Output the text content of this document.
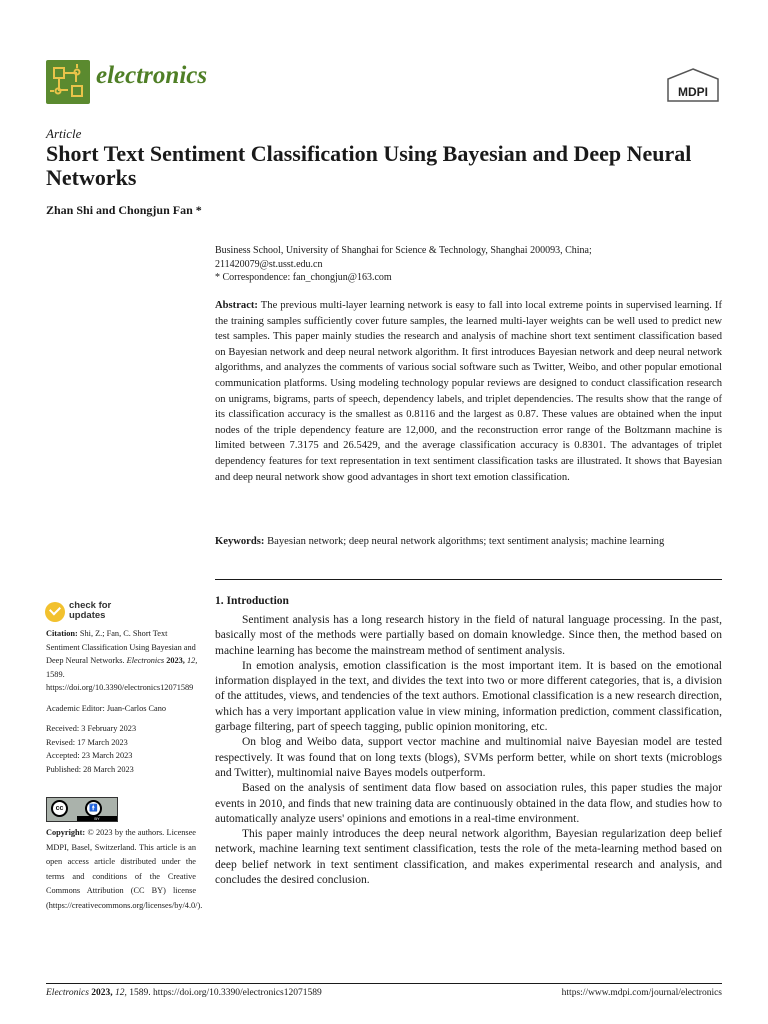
electronics
MDPI
Article
Short Text Sentiment Classification Using Bayesian and Deep Neural Networks
Zhan Shi and Chongjun Fan *
Business School, University of Shanghai for Science & Technology, Shanghai 200093, China;
211420079@st.usst.edu.cn
* Correspondence: fan_chongjun@163.com
Abstract: The previous multi-layer learning network is easy to fall into local extreme points in supervised learning. If the training samples sufficiently cover future samples, the learned multi-layer weights can be well used to predict new test samples. This paper mainly studies the research and analysis of machine short text sentiment classification based on Bayesian network and deep neural network algorithm. It first introduces Bayesian network and deep neural network algorithms, and analyzes the comments of various social software such as Twitter, Weibo, and other popular emotional communication platforms. Using modeling technology popular reviews are designed to conduct classification research on unigrams, bigrams, parts of speech, dependency labels, and triplet dependencies. The results show that the range of its classification accuracy is the smallest as 0.8116 and the largest as 0.87. These values are obtained when the input nodes of the triple dependency feature are 12,000, and the reconstruction error range of the Boltzmann machine is limited between 7.3175 and 26.5429, and the average classification accuracy is 0.8301. The advantages of triplet dependency features for text representation in text sentiment classification tasks are illustrated. It shows that Bayesian and deep neural network show good advantages in short text emotion classification.
Keywords: Bayesian network; deep neural network algorithms; text sentiment analysis; machine learning
check for
updates

Citation: Shi, Z.; Fan, C. Short Text Sentiment Classification Using Bayesian and Deep Neural Networks. Electronics 2023, 12, 1589. https://doi.org/10.3390/electronics12071589

Academic Editor: Juan-Carlos Cano

Received: 3 February 2023

Revised: 17 March 2023

Accepted: 23 March 2023

Published: 28 March 2023

cc	🚹
BY
Copyright: © 2023 by the authors. Licensee MDPI, Basel, Switzerland. This article is an open access article distributed under the terms and conditions of the Creative Commons Attribution (CC BY) license (https://creativecommons.org/licenses/by/4.0/).
1. Introduction

Sentiment analysis has a long research history in the field of natural language processing. In the past, basically most of the methods were partially based on domain knowledge. Since then, the method based on machine learning has become the mainstream method of sentiment analysis.

In emotion analysis, emotion classification is the most important item. It is based on the emotional information displayed in the text, and divides the text into two or more different categories, that is, a division of the attitudes, views, and tendencies of the text authors. Emotional classification is a new research direction, which has a very important application value in view mining, information prediction, comment classification, garbage filtering, part of speech tagging, public opinion monitoring, etc.

On blog and Weibo data, support vector machine and multinomial naive Bayesian model are tested respectively. It was found that on long texts (blogs), SVMs perform better, while on short texts (microblogs and Twitter), multinomial naive Bayes models outperform.

Based on the analysis of sentiment data flow based on association rules, this paper studies the major events in 2010, and finds that new training data are continuously obtained in the data flow, and studies how to automatically analyze users' opinions and emotions in a real-time environment.

This paper mainly introduces the deep neural network algorithm, Bayesian regularization deep belief network, machine learning text sentiment classification, tests the role of the meta-learning method based on deep belief network in text sentiment classification, and makes experimental research and analysis, and concludes the desired conclusion.

Electronics 2023, 12, 1589. https://doi.org/10.3390/electronics12071589	https://www.mdpi.com/journal/electronics
